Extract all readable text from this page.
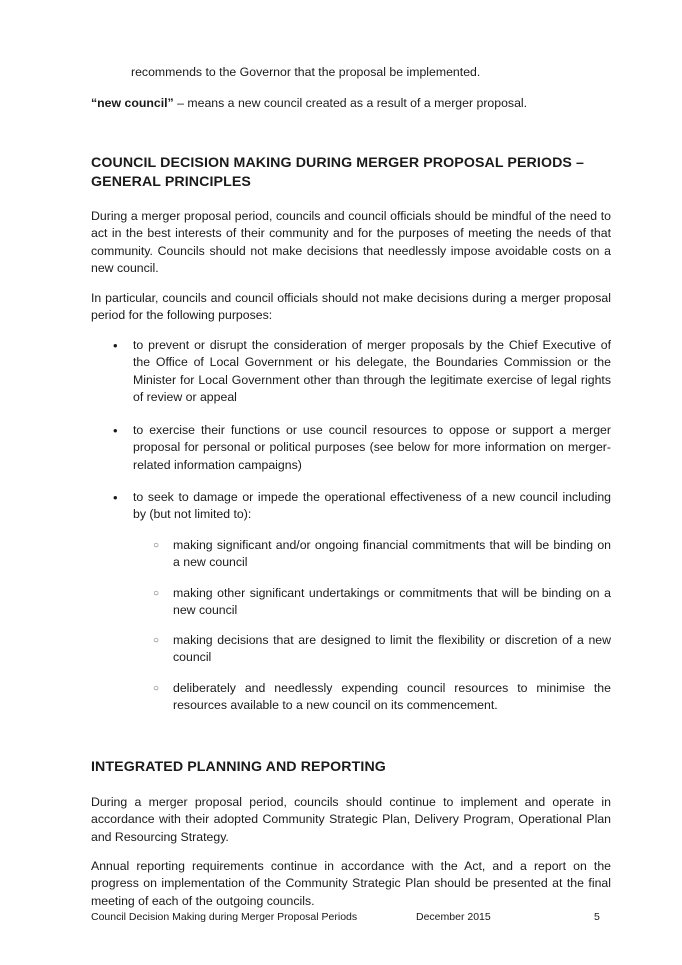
recommends to the Governor that the proposal be implemented.

“new council” – means a new council created as a result of a merger proposal.

COUNCIL DECISION MAKING DURING MERGER PROPOSAL PERIODS –
GENERAL PRINCIPLES

During a merger proposal period, councils and council officials should be mindful of the need to act in the best interests of their community and for the purposes of meeting the needs of that community. Councils should not make decisions that needlessly impose avoidable costs on a new council.

In particular, councils and council officials should not make decisions during a merger proposal period for the following purposes:

•	to prevent or disrupt the consideration of merger proposals by the Chief Executive of the Office of Local Government or his delegate, the Boundaries Commission or the Minister for Local Government other than through the legitimate exercise of legal rights of review or appeal

•	to exercise their functions or use council resources to oppose or support a merger proposal for personal or political purposes (see below for more information on merger-related information campaigns)

•	to seek to damage or impede the operational effectiveness of a new council including by (but not limited to):

○	making significant and/or ongoing financial commitments that will be binding on a new council

○	making other significant undertakings or commitments that will be binding on a new council

○	making decisions that are designed to limit the flexibility or discretion of a new council

○	deliberately and needlessly expending council resources to minimise the resources available to a new council on its commencement.

INTEGRATED PLANNING AND REPORTING

During a merger proposal period, councils should continue to implement and operate in accordance with their adopted Community Strategic Plan, Delivery Program, Operational Plan and Resourcing Strategy.

Annual reporting requirements continue in accordance with the Act, and a report on the progress on implementation of the Community Strategic Plan should be presented at the final meeting of each of the outgoing councils.

Council Decision Making during Merger Proposal Periods	December 2015	5
